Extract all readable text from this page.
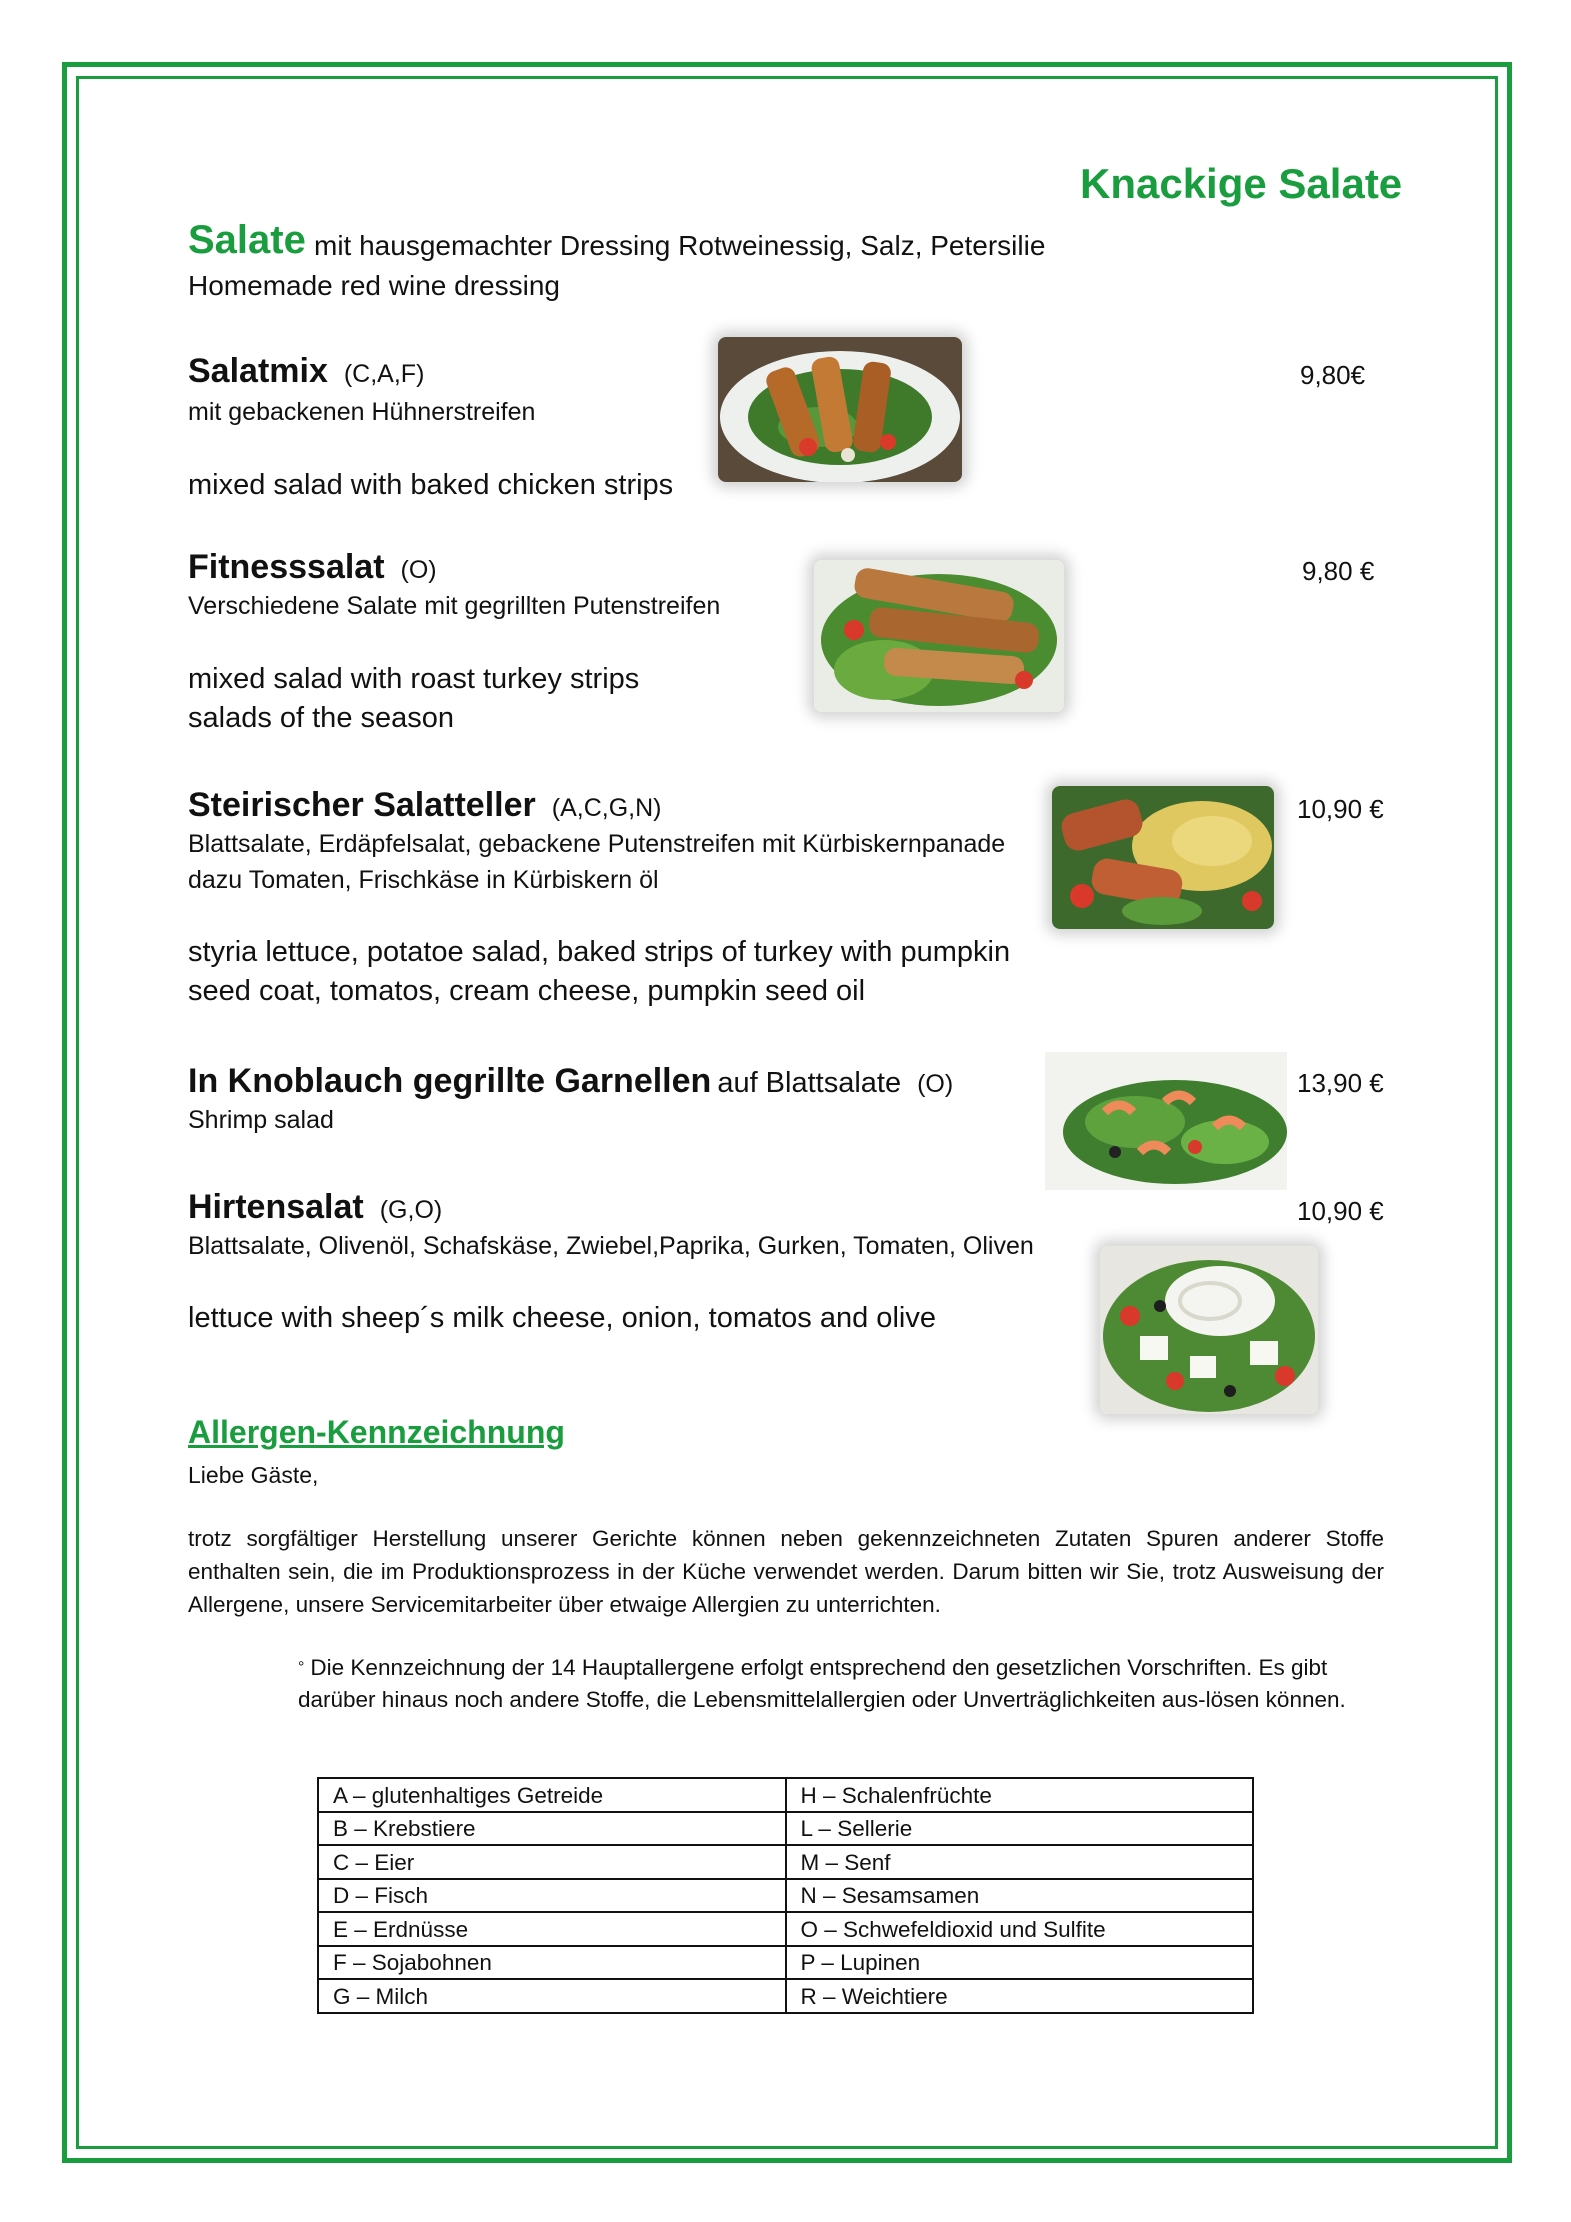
Knackige Salate
Salate mit hausgemachter Dressing Rotweinessig, Salz, Petersilie
Homemade red wine dressing
Salatmix (C,A,F)	9,80€
mit gebackenen Hühnerstreifen
mixed salad with baked chicken strips
Fitnesssalat (O)	9,80 €
Verschiedene Salate mit gegrillten Putenstreifen
mixed salad with roast turkey strips
salads of the season
Steirischer Salatteller (A,C,G,N)	10,90 €
Blattsalate, Erdäpfelsalat, gebackene Putenstreifen mit Kürbiskernpanade
dazu Tomaten, Frischkäse in Kürbiskern öl
styria lettuce, potatoe salad, baked strips of turkey with pumpkin
seed coat, tomatos, cream cheese, pumpkin seed oil
In Knoblauch gegrillte Garnellen auf Blattsalate (O)	13,90 €
Shrimp salad
Hirtensalat (G,O)	10,90 €
Blattsalate, Olivenöl, Schafskäse, Zwiebel,Paprika, Gurken, Tomaten, Oliven
lettuce with sheep´s milk cheese, onion, tomatos and olive
Allergen-Kennzeichnung
Liebe Gäste,
trotz sorgfältiger Herstellung unserer Gerichte können neben gekennzeichneten Zutaten Spuren anderer Stoffe enthalten sein, die im Produktionsprozess in der Küche verwendet werden. Darum bitten wir Sie, trotz Ausweisung der Allergene, unsere Servicemitarbeiter über etwaige Allergien zu unterrichten.
° Die Kennzeichnung der 14 Hauptallergene erfolgt entsprechend den gesetzlichen Vorschriften. Es gibt darüber hinaus noch andere Stoffe, die Lebensmittelallergien oder Unverträglichkeiten aus-lösen können.
A – glutenhaltiges Getreide	H – Schalenfrüchte
B – Krebstiere	L – Sellerie
C – Eier	M – Senf
D – Fisch	N – Sesamsamen
E – Erdnüsse	O – Schwefeldioxid und Sulfite
F – Sojabohnen	P – Lupinen
G – Milch	R – Weichtiere
